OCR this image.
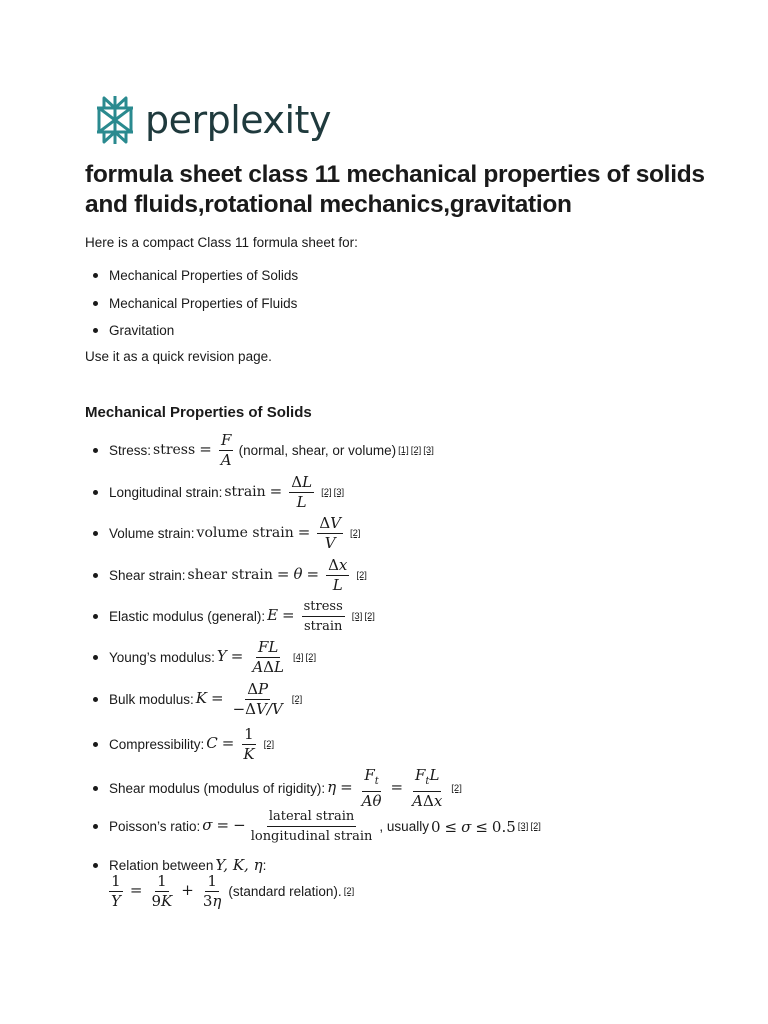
perplexity
formula sheet class 11 mechanical properties of solids and fluids,rotational mechanics,gravitation

Here is a compact Class 11 formula sheet for:

Mechanical Properties of Solids
Mechanical Properties of Fluids
Gravitation

Use it as a quick revision page.

Mechanical Properties of Solids
Stress: stress = $\frac{F}{A}$ (normal, shear, or volume) [1] [2] [3]
Longitudinal strain: strain = $\frac{\Delta L}{L} [2]$ [3]
Volume strain: volume strain = $\frac{\Delta V}{V} [2]$
Shear strain: shear strain = $\theta = \frac{\Delta x}{L} [2]$
Elastic modulus (general): $E = \frac{\text{stress}}{\text{strain}} [3]$ [2]
Young’s modulus: $Y = \frac{FL}{\text{AΔL}} [4]$ [2]
Bulk modulus: $K = \frac{\Delta P}{-\Delta V/V} [2]$
Compressibility: $C = \frac{1}{K} [2]$
Shear modulus (modulus of rigidity): $\eta = \frac{F_t}{A\theta} = \frac{F_tL}{\text{AΔx}} [2]$
Poisson’s ratio: σ = − $\frac{\text{lateral strain}}{\text{longitudinal strain}}$ , usually 0 ≤ σ ≤ 0.5 [3] [2]
Relation between Y, K, η:
$\frac{1}{Y} = \frac{1}{9K} + \frac{1}{3\eta}$ (standard relation). [2]
